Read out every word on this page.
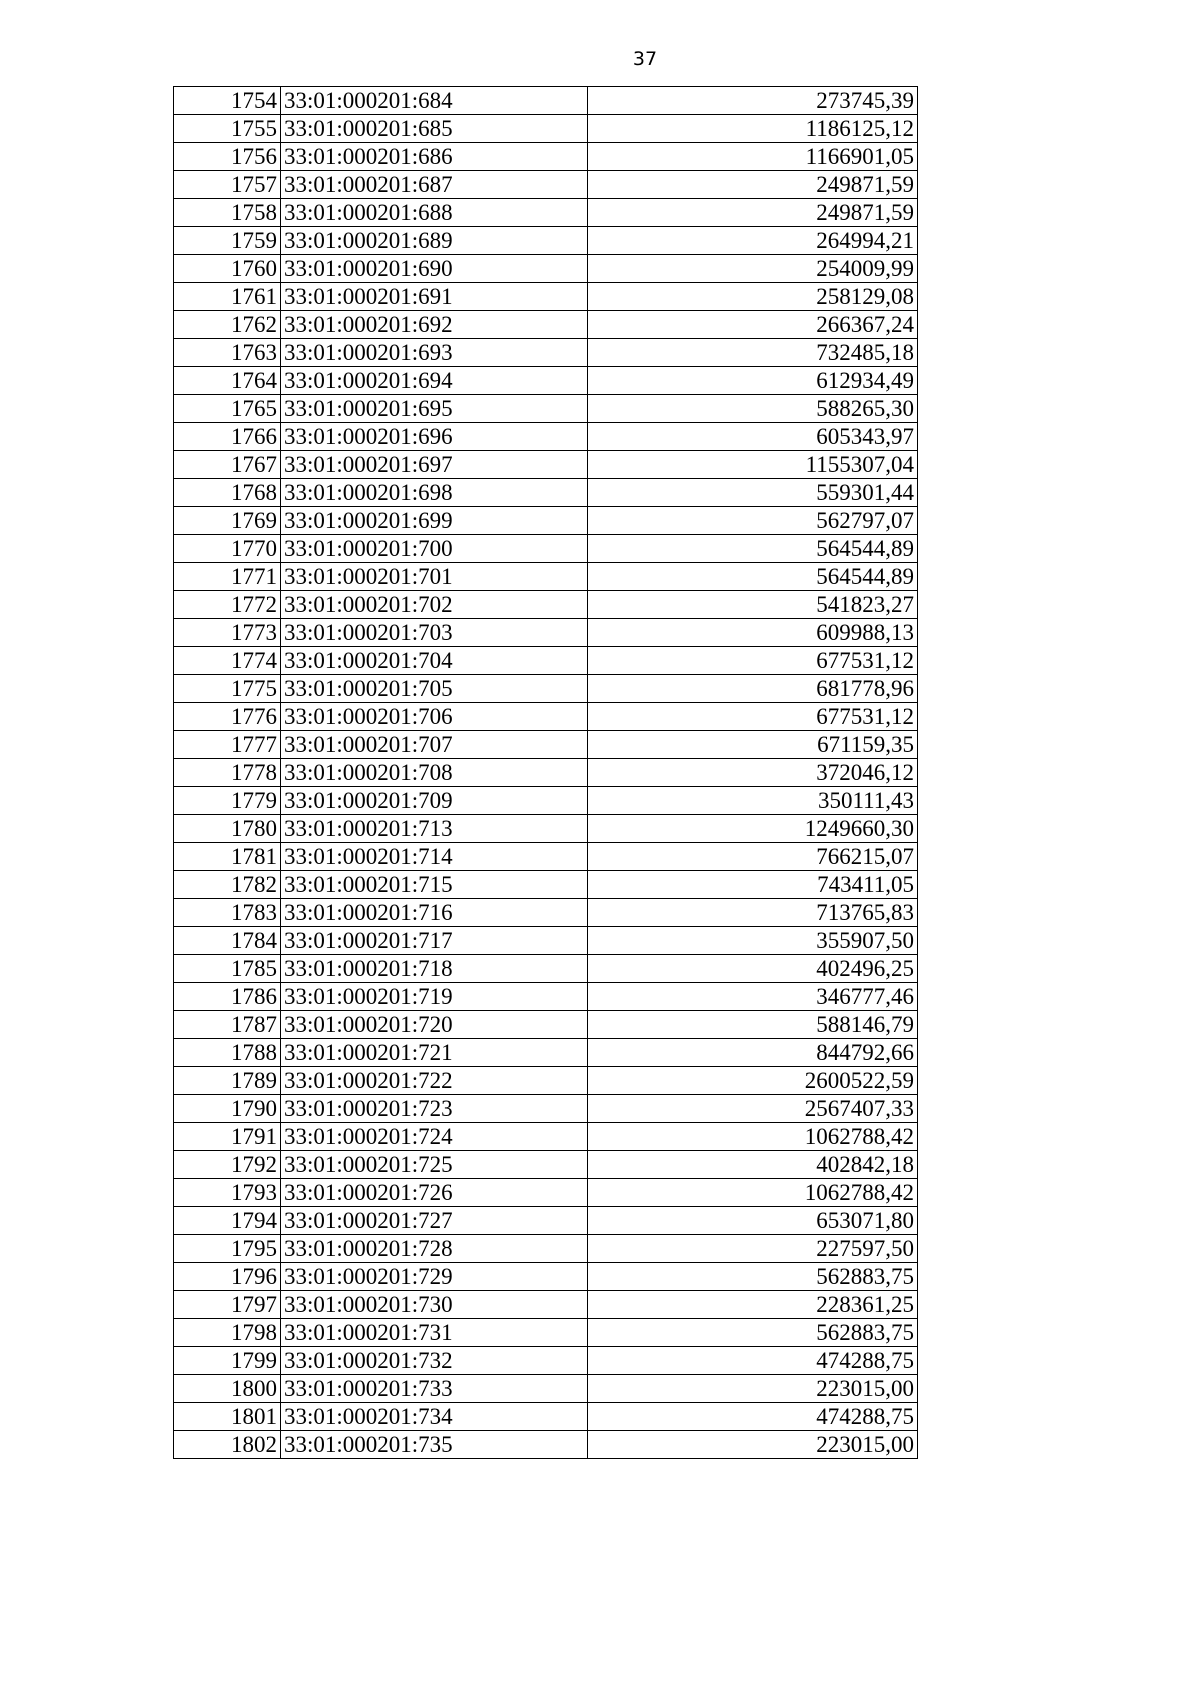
37
1754	33:01:000201:684	273745,39
1755	33:01:000201:685	1186125,12
1756	33:01:000201:686	1166901,05
1757	33:01:000201:687	249871,59
1758	33:01:000201:688	249871,59
1759	33:01:000201:689	264994,21
1760	33:01:000201:690	254009,99
1761	33:01:000201:691	258129,08
1762	33:01:000201:692	266367,24
1763	33:01:000201:693	732485,18
1764	33:01:000201:694	612934,49
1765	33:01:000201:695	588265,30
1766	33:01:000201:696	605343,97
1767	33:01:000201:697	1155307,04
1768	33:01:000201:698	559301,44
1769	33:01:000201:699	562797,07
1770	33:01:000201:700	564544,89
1771	33:01:000201:701	564544,89
1772	33:01:000201:702	541823,27
1773	33:01:000201:703	609988,13
1774	33:01:000201:704	677531,12
1775	33:01:000201:705	681778,96
1776	33:01:000201:706	677531,12
1777	33:01:000201:707	671159,35
1778	33:01:000201:708	372046,12
1779	33:01:000201:709	350111,43
1780	33:01:000201:713	1249660,30
1781	33:01:000201:714	766215,07
1782	33:01:000201:715	743411,05
1783	33:01:000201:716	713765,83
1784	33:01:000201:717	355907,50
1785	33:01:000201:718	402496,25
1786	33:01:000201:719	346777,46
1787	33:01:000201:720	588146,79
1788	33:01:000201:721	844792,66
1789	33:01:000201:722	2600522,59
1790	33:01:000201:723	2567407,33
1791	33:01:000201:724	1062788,42
1792	33:01:000201:725	402842,18
1793	33:01:000201:726	1062788,42
1794	33:01:000201:727	653071,80
1795	33:01:000201:728	227597,50
1796	33:01:000201:729	562883,75
1797	33:01:000201:730	228361,25
1798	33:01:000201:731	562883,75
1799	33:01:000201:732	474288,75
1800	33:01:000201:733	223015,00
1801	33:01:000201:734	474288,75
1802	33:01:000201:735	223015,00
